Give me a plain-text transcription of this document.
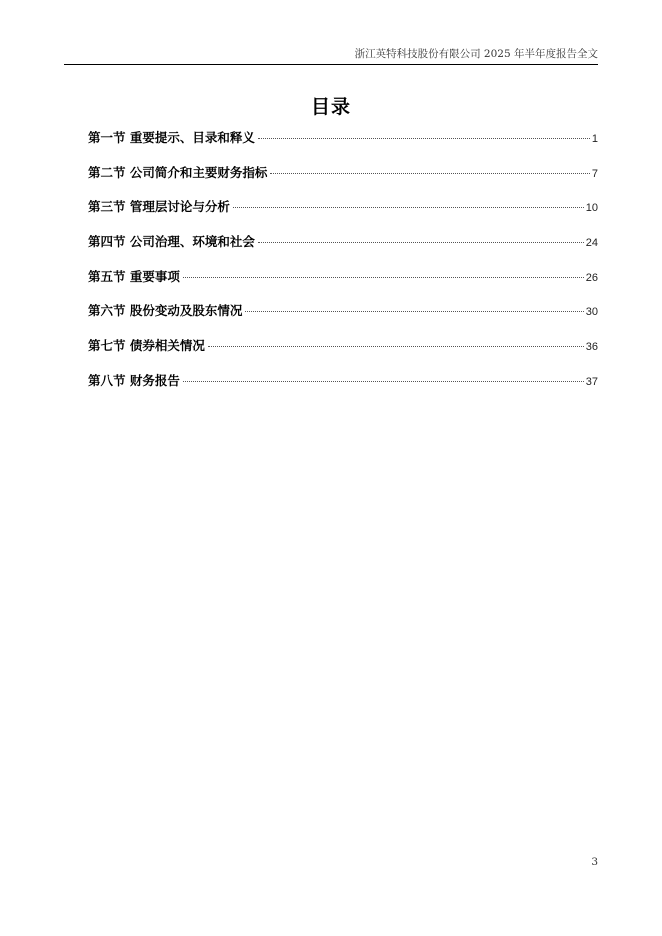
浙江英特科技股份有限公司 2025 年半年度报告全文
目录
第一节 重要提示、目录和释义	1
第二节 公司简介和主要财务指标	7
第三节 管理层讨论与分析	10
第四节 公司治理、环境和社会	24
第五节 重要事项	26
第六节 股份变动及股东情况	30
第七节 债券相关情况	36
第八节 财务报告	37
3
